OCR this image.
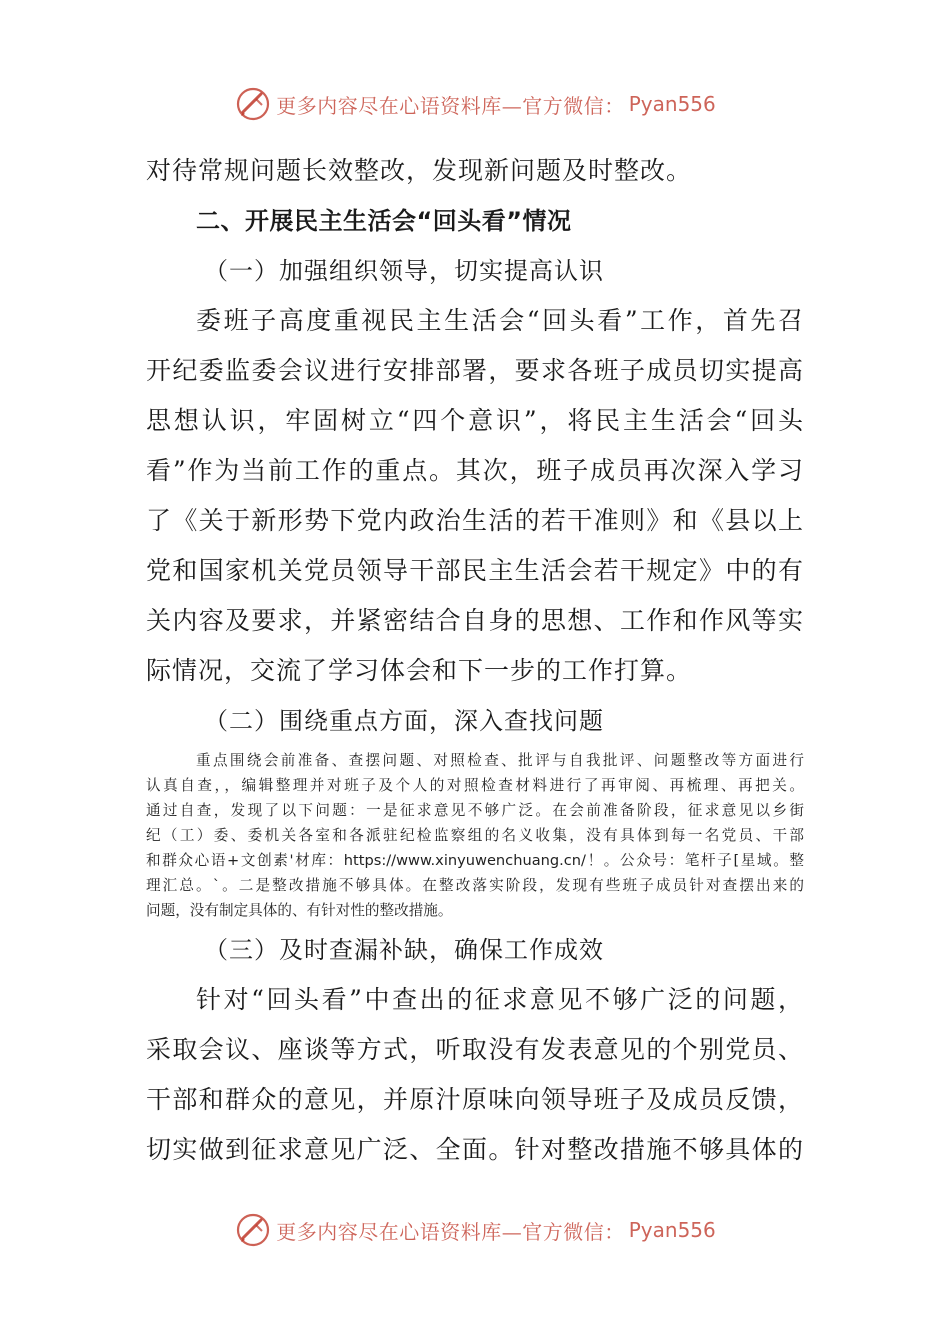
更多内容尽在心语资料库—官方微信： Pyan556
对待常规问题长效整改，发现新问题及时整改。
二、开展民主生活会“回头看”情况
（一）加强组织领导，切实提高认识
委班子高度重视民主生活会“回头看”工作，首先召
开纪委监委会议进行安排部署，要求各班子成员切实提高
思想认识，牢固树立“四个意识”，将民主生活会“回头
看”作为当前工作的重点。其次，班子成员再次深入学习
了《关于新形势下党内政治生活的若干准则》和《县以上
党和国家机关党员领导干部民主生活会若干规定》中的有
关内容及要求，并紧密结合自身的思想、工作和作风等实
际情况，交流了学习体会和下一步的工作打算。
（二）围绕重点方面，深入查找问题
重点围绕会前准备、查摆问题、对照检查、批评与自我批评、问题整改等方面进行
认真自查，，编辑整理并对班子及个人的对照检查材料进行了再审阅、再梳理、再把关。
通过自查，发现了以下问题：一是征求意见不够广泛。在会前准备阶段，征求意见以乡街
纪（工）委、委机关各室和各派驻纪检监察组的名义收集，没有具体到每一名党员、干部
和群众心语+文创素'材库：https://www.xinyuwenchuang.cn/！。公众号：笔杆子[星域。整
理汇总。`。二是整改措施不够具体。在整改落实阶段，发现有些班子成员针对查摆出来的
问题，没有制定具体的、有针对性的整改措施。
（三）及时查漏补缺，确保工作成效
针对“回头看”中查出的征求意见不够广泛的问题，
采取会议、座谈等方式，听取没有发表意见的个别党员、
干部和群众的意见，并原汁原味向领导班子及成员反馈，
切实做到征求意见广泛、全面。针对整改措施不够具体的
更多内容尽在心语资料库—官方微信： Pyan556
